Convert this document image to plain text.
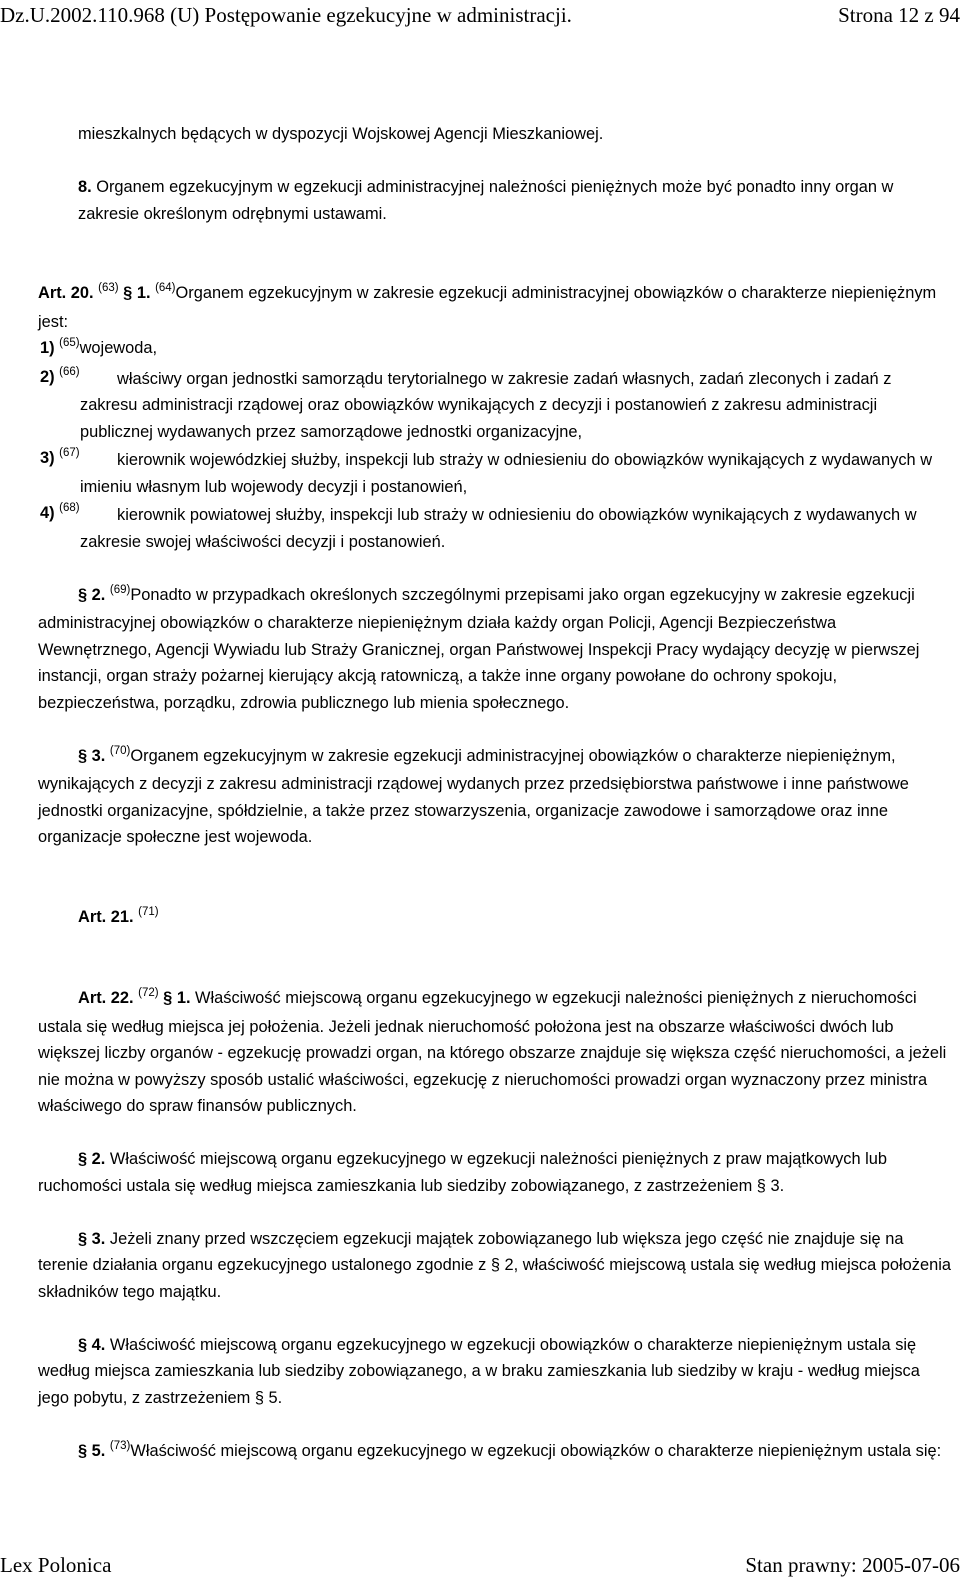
Dz.U.2002.110.968 (U) Postępowanie egzekucyjne w administracji.	Strona 12 z 94

mieszkalnych będących w dyspozycji Wojskowej Agencji Mieszkaniowej.

8. Organem egzekucyjnym w egzekucji administracyjnej należności pieniężnych może być ponadto inny organ w zakresie określonym odrębnymi ustawami.

Art. 20. $^{(63)}$ § 1. $^{(64)}$Organem egzekucyjnym w zakresie egzekucji administracyjnej obowiązków o charakterze niepieniężnym jest:

1) $^{(65)}$wojewoda,
2) $^{(66)}$	właściwy organ jednostki samorządu terytorialnego w zakresie zadań własnych, zadań zleconych i zadań z zakresu administracji rządowej oraz obowiązków wynikających z decyzji i postanowień z zakresu administracji publicznej wydawanych przez samorządowe jednostki organizacyjne,
3) $^{(67)}$	kierownik wojewódzkiej służby, inspekcji lub straży w odniesieniu do obowiązków wynikających z wydawanych w imieniu własnym lub wojewody decyzji i postanowień,
4) $^{(68)}$	kierownik powiatowej służby, inspekcji lub straży w odniesieniu do obowiązków wynikających z wydawanych w zakresie swojej właściwości decyzji i postanowień.

§ 2. $^{(69)}$Ponadto w przypadkach określonych szczególnymi przepisami jako organ egzekucyjny w zakresie egzekucji administracyjnej obowiązków o charakterze niepieniężnym działa każdy organ Policji, Agencji Bezpieczeństwa Wewnętrznego, Agencji Wywiadu lub Straży Granicznej, organ Państwowej Inspekcji Pracy wydający decyzję w pierwszej instancji, organ straży pożarnej kierujący akcją ratowniczą, a także inne organy powołane do ochrony spokoju, bezpieczeństwa, porządku, zdrowia publicznego lub mienia społecznego.

§ 3. $^{(70)}$Organem egzekucyjnym w zakresie egzekucji administracyjnej obowiązków o charakterze niepieniężnym, wynikających z decyzji z zakresu administracji rządowej wydanych przez przedsiębiorstwa państwowe i inne państwowe jednostki organizacyjne, spółdzielnie, a także przez stowarzyszenia, organizacje zawodowe i samorządowe oraz inne organizacje społeczne jest wojewoda.

Art. 21. $^{(71)}$

Art. 22. $^{(72)}$ § 1. Właściwość miejscową organu egzekucyjnego w egzekucji należności pieniężnych z nieruchomości ustala się według miejsca jej położenia. Jeżeli jednak nieruchomość położona jest na obszarze właściwości dwóch lub większej liczby organów - egzekucję prowadzi organ, na którego obszarze znajduje się większa część nieruchomości, a jeżeli nie można w powyższy sposób ustalić właściwości, egzekucję z nieruchomości prowadzi organ wyznaczony przez ministra właściwego do spraw finansów publicznych.

§ 2. Właściwość miejscową organu egzekucyjnego w egzekucji należności pieniężnych z praw majątkowych lub ruchomości ustala się według miejsca zamieszkania lub siedziby zobowiązanego, z zastrzeżeniem § 3.

§ 3. Jeżeli znany przed wszczęciem egzekucji majątek zobowiązanego lub większa jego część nie znajduje się na terenie działania organu egzekucyjnego ustalonego zgodnie z § 2, właściwość miejscową ustala się według miejsca położenia składników tego majątku.

§ 4. Właściwość miejscową organu egzekucyjnego w egzekucji obowiązków o charakterze niepieniężnym ustala się według miejsca zamieszkania lub siedziby zobowiązanego, a w braku zamieszkania lub siedziby w kraju - według miejsca jego pobytu, z zastrzeżeniem § 5.

§ 5. $^{(73)}$Właściwość miejscową organu egzekucyjnego w egzekucji obowiązków o charakterze niepieniężnym ustala się:

Lex Polonica	Stan prawny: 2005-07-06
